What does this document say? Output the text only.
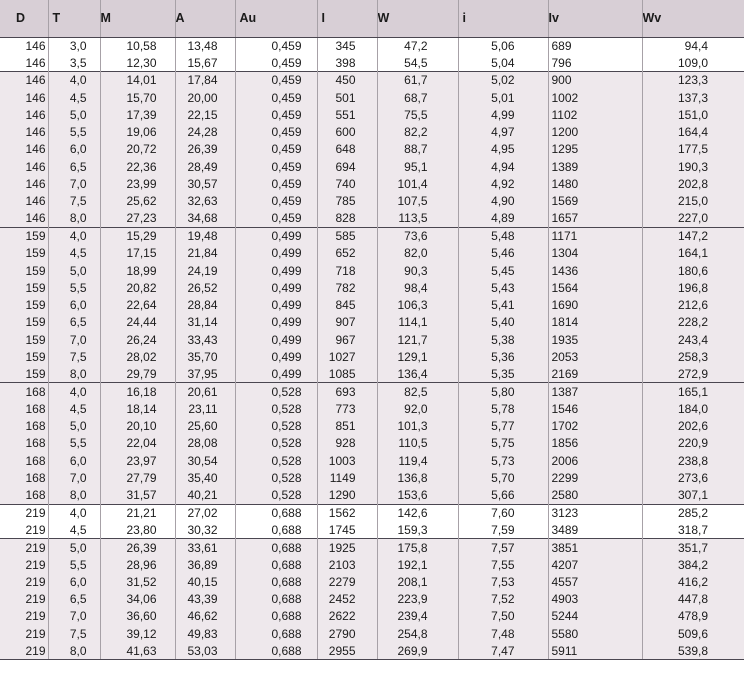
D	T	M	A	Au	I	W	i	Iv	Wv
146	3,0	10,58	13,48	0,459	345	47,2	5,06	689	94,4
146	3,5	12,30	15,67	0,459	398	54,5	5,04	796	109,0
146	4,0	14,01	17,84	0,459	450	61,7	5,02	900	123,3
146	4,5	15,70	20,00	0,459	501	68,7	5,01	1002	137,3
146	5,0	17,39	22,15	0,459	551	75,5	4,99	1102	151,0
146	5,5	19,06	24,28	0,459	600	82,2	4,97	1200	164,4
146	6,0	20,72	26,39	0,459	648	88,7	4,95	1295	177,5
146	6,5	22,36	28,49	0,459	694	95,1	4,94	1389	190,3
146	7,0	23,99	30,57	0,459	740	101,4	4,92	1480	202,8
146	7,5	25,62	32,63	0,459	785	107,5	4,90	1569	215,0
146	8,0	27,23	34,68	0,459	828	113,5	4,89	1657	227,0
159	4,0	15,29	19,48	0,499	585	73,6	5,48	1171	147,2
159	4,5	17,15	21,84	0,499	652	82,0	5,46	1304	164,1
159	5,0	18,99	24,19	0,499	718	90,3	5,45	1436	180,6
159	5,5	20,82	26,52	0,499	782	98,4	5,43	1564	196,8
159	6,0	22,64	28,84	0,499	845	106,3	5,41	1690	212,6
159	6,5	24,44	31,14	0,499	907	114,1	5,40	1814	228,2
159	7,0	26,24	33,43	0,499	967	121,7	5,38	1935	243,4
159	7,5	28,02	35,70	0,499	1027	129,1	5,36	2053	258,3
159	8,0	29,79	37,95	0,499	1085	136,4	5,35	2169	272,9
168	4,0	16,18	20,61	0,528	693	82,5	5,80	1387	165,1
168	4,5	18,14	23,11	0,528	773	92,0	5,78	1546	184,0
168	5,0	20,10	25,60	0,528	851	101,3	5,77	1702	202,6
168	5,5	22,04	28,08	0,528	928	110,5	5,75	1856	220,9
168	6,0	23,97	30,54	0,528	1003	119,4	5,73	2006	238,8
168	7,0	27,79	35,40	0,528	1149	136,8	5,70	2299	273,6
168	8,0	31,57	40,21	0,528	1290	153,6	5,66	2580	307,1
219	4,0	21,21	27,02	0,688	1562	142,6	7,60	3123	285,2
219	4,5	23,80	30,32	0,688	1745	159,3	7,59	3489	318,7
219	5,0	26,39	33,61	0,688	1925	175,8	7,57	3851	351,7
219	5,5	28,96	36,89	0,688	2103	192,1	7,55	4207	384,2
219	6,0	31,52	40,15	0,688	2279	208,1	7,53	4557	416,2
219	6,5	34,06	43,39	0,688	2452	223,9	7,52	4903	447,8
219	7,0	36,60	46,62	0,688	2622	239,4	7,50	5244	478,9
219	7,5	39,12	49,83	0,688	2790	254,8	7,48	5580	509,6
219	8,0	41,63	53,03	0,688	2955	269,9	7,47	5911	539,8
